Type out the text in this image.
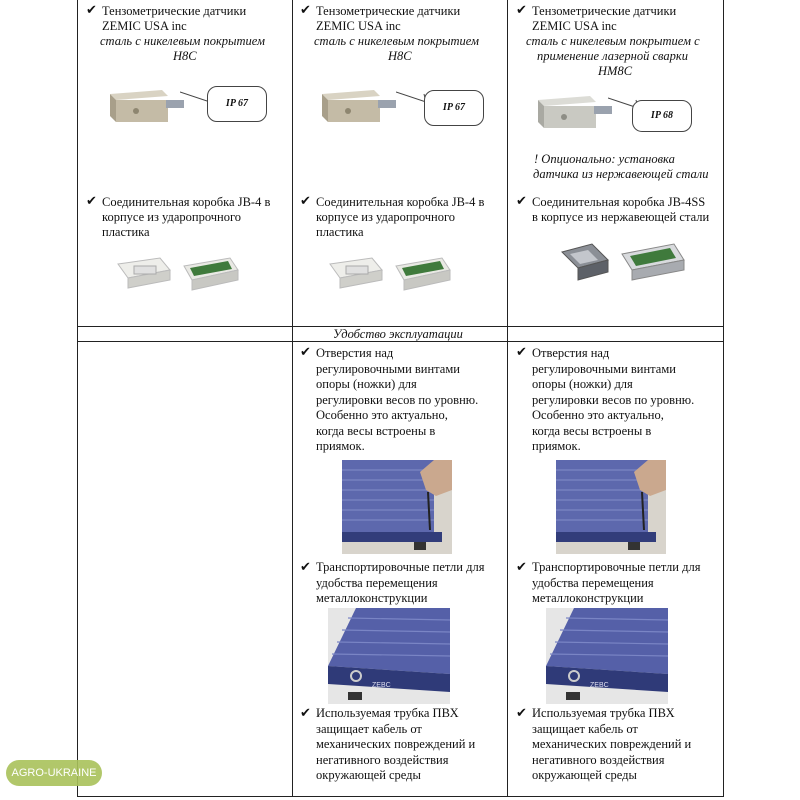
✔ Тензометрические датчики
ZEMIC USA inc
сталь с никелевым покрытием
H8C
IP 67
✔ Соединительная коробка JB-4 в
корпусе из ударопрочного
пластика
✔ Тензометрические датчики
ZEMIC USA inc
сталь с никелевым покрытием
H8C
IP 67
✔ Соединительная коробка JB-4 в
корпусе из ударопрочного
пластика
✔ Тензометрические датчики
ZEMIC USA inc
сталь с никелевым покрытием с
применение лазерной сварки
HM8C
IP 68
! Опционально: установка
датчика из нержавеющей стали
✔ Соединительная коробка JB-4SS
в корпусе из нержавеющей стали
Удобство эксплуатации
✔ Отверстия над
регулировочными винтами
опоры (ножки) для
регулировки весов по уровню.
Особенно это актуально,
когда весы встроены в
приямок.
✔ Транспортировочные петли для
удобства перемещения
металлоконструкции
ZEBC
✔ Используемая трубка ПВХ
защищает кабель от
механических повреждений и
негативного воздействия
окружающей среды
✔ Отверстия над
регулировочными винтами
опоры (ножки) для
регулировки весов по уровню.
Особенно это актуально,
когда весы встроены в
приямок.
✔ Транспортировочные петли для
удобства перемещения
металлоконструкции
ZEBC
✔ Используемая трубка ПВХ
защищает кабель от
механических повреждений и
негативного воздействия
окружающей среды
AGRO-UKRAINE
